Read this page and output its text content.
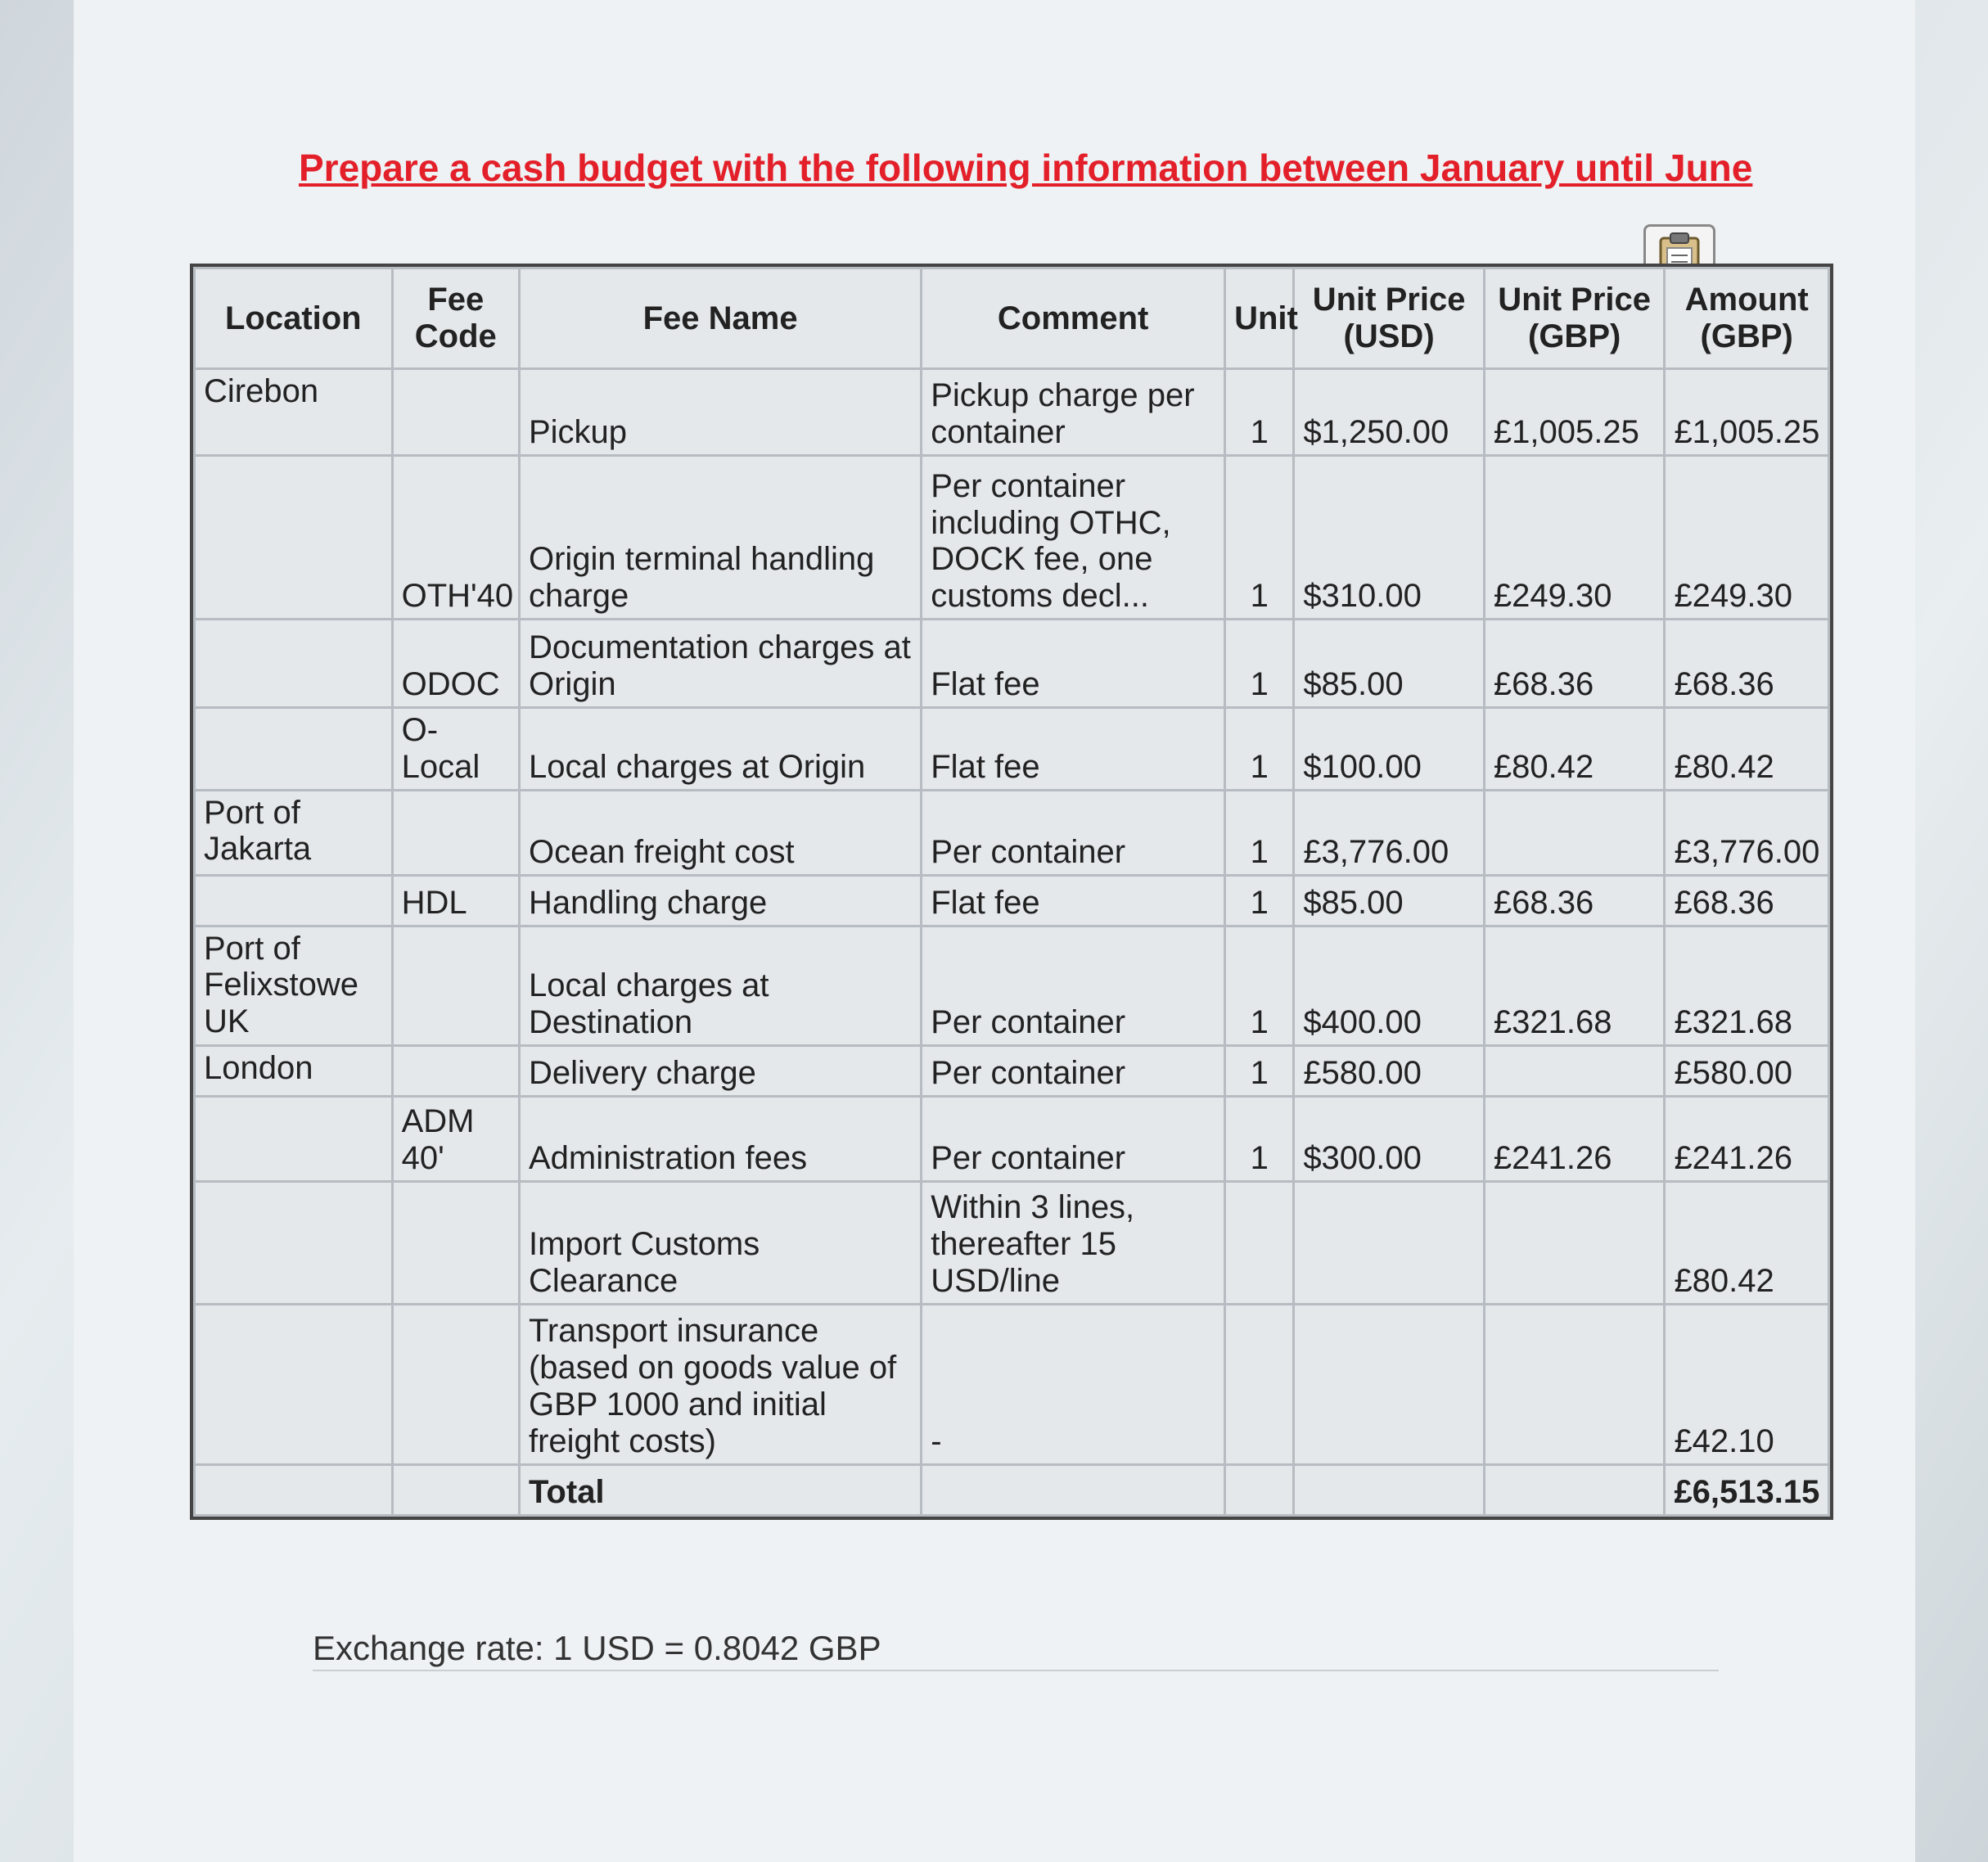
Prepare a cash budget with the following information between January until June
Location	Fee Code	Fee Name	Comment	Unit	Unit Price (USD)	Unit Price (GBP)	Amount (GBP)
Cirebon		Pickup	Pickup charge per container	1	$1,250.00	£1,005.25	£1,005.25
	OTH'40	Origin terminal handling charge	Per container including OTHC, DOCK fee, one customs decl...	1	$310.00	£249.30	£249.30
	ODOC	Documentation charges at Origin	Flat fee	1	$85.00	£68.36	£68.36
	O-Local	Local charges at Origin	Flat fee	1	$100.00	£80.42	£80.42
Port of Jakarta		Ocean freight cost	Per container	1	£3,776.00		£3,776.00
	HDL	Handling charge	Flat fee	1	$85.00	£68.36	£68.36
Port of Felixstowe UK		Local charges at Destination	Per container	1	$400.00	£321.68	£321.68
London		Delivery charge	Per container	1	£580.00		£580.00
	ADM 40'	Administration fees	Per container	1	$300.00	£241.26	£241.26
		Import Customs Clearance	Within 3 lines, thereafter 15 USD/line				£80.42
		Transport insurance (based on goods value of GBP 1000 and initial freight costs)	-				£42.10
		Total					£6,513.15
Exchange rate: 1 USD = 0.8042 GBP
